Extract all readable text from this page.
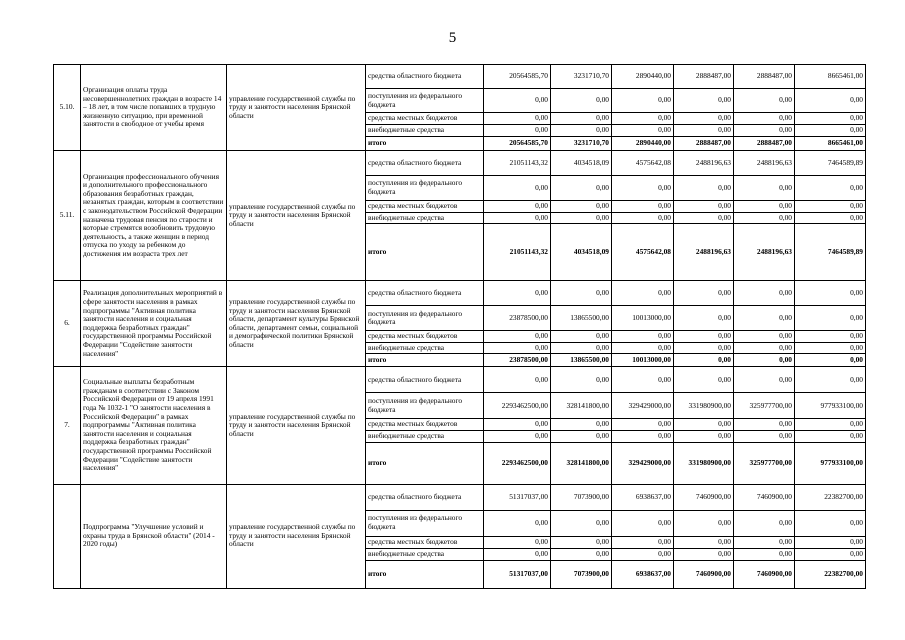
5
5.10.	Организация оплаты труда несовершеннолетних граждан в возрасте 14 – 18 лет, в том числе попавших в трудную жизненную ситуацию, при временной занятости в свободное от учебы время	управление государственной службы по труду и занятости населения Брянской области	средства областного бюджета	20564585,70	3231710,70	2890440,00	2888487,00	2888487,00	8665461,00
			поступления из федерального бюджета	0,00	0,00	0,00	0,00	0,00	0,00
			средства местных бюджетов	0,00	0,00	0,00	0,00	0,00	0,00
			внебюджетные средства	0,00	0,00	0,00	0,00	0,00	0,00
			итого	20564585,70	3231710,70	2890440,00	2888487,00	2888487,00	8665461,00
5.11.	Организация профессионального обучения и дополнительного профессионального образования безработных граждан, незанятых граждан, которым в соответствии с законодательством Российской Федерации назначена трудовая пенсия по старости и которые стремятся возобновить трудовую деятельность, а также женщин в период отпуска по уходу за ребенком до достижения им возраста трех лет	управление государственной службы по труду и занятости населения Брянской области	средства областного бюджета	21051143,32	4034518,09	4575642,08	2488196,63	2488196,63	7464589,89
			поступления из федерального бюджета	0,00	0,00	0,00	0,00	0,00	0,00
			средства местных бюджетов	0,00	0,00	0,00	0,00	0,00	0,00
			внебюджетные средства	0,00	0,00	0,00	0,00	0,00	0,00
			итого	21051143,32	4034518,09	4575642,08	2488196,63	2488196,63	7464589,89
6.	Реализация дополнительных мероприятий в сфере занятости населения в рамках подпрограммы "Активная политика занятости населения и социальная поддержка безработных граждан" государственной программы Российской Федерации "Содействие занятости населения"	управление государственной службы по труду и занятости населения Брянской области, департамент культуры Брянской области, департамент семьи, социальной и демографической политики Брянской области	средства областного бюджета	0,00	0,00	0,00	0,00	0,00	0,00
			поступления из федерального бюджета	23878500,00	13865500,00	10013000,00	0,00	0,00	0,00
			средства местных бюджетов	0,00	0,00	0,00	0,00	0,00	0,00
			внебюджетные средства	0,00	0,00	0,00	0,00	0,00	0,00
			итого	23878500,00	13865500,00	10013000,00	0,00	0,00	0,00
7.	Социальные выплаты безработным гражданам в соответствии с Законом Российской Федерации от 19 апреля 1991 года № 1032-1 "О занятости населения в Российской Федерации" в рамках подпрограммы "Активная политика занятости населения и социальная поддержка безработных граждан" государственной программы Российской Федерации "Содействие занятости населения"	управление государственной службы по труду и занятости населения Брянской области	средства областного бюджета	0,00	0,00	0,00	0,00	0,00	0,00
			поступления из федерального бюджета	2293462500,00	328141800,00	329429000,00	331980900,00	325977700,00	977933100,00
			средства местных бюджетов	0,00	0,00	0,00	0,00	0,00	0,00
			внебюджетные средства	0,00	0,00	0,00	0,00	0,00	0,00
			итого	2293462500,00	328141800,00	329429000,00	331980900,00	325977700,00	977933100,00
	Подпрограмма "Улучшение условий и охраны труда в Брянской области" (2014 - 2020 годы)	управление государственной службы по труду и занятости населения Брянской области	средства областного бюджета	51317037,00	7073900,00	6938637,00	7460900,00	7460900,00	22382700,00
			поступления из федерального бюджета	0,00	0,00	0,00	0,00	0,00	0,00
			средства местных бюджетов	0,00	0,00	0,00	0,00	0,00	0,00
			внебюджетные средства	0,00	0,00	0,00	0,00	0,00	0,00
			итого	51317037,00	7073900,00	6938637,00	7460900,00	7460900,00	22382700,00
